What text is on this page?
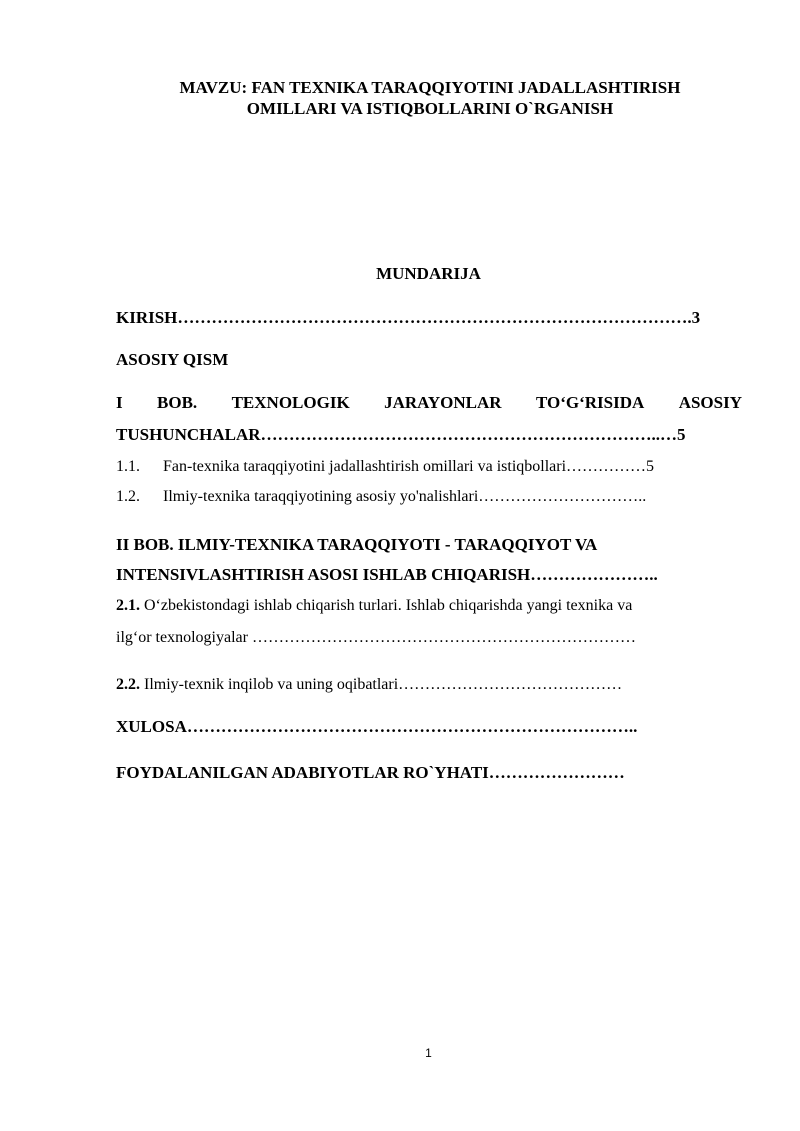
MAVZU: FAN TEXNIKA TARAQQIYOTINI JADALLASHTIRISH
OMILLARI VA ISTIQBOLLARINI O`RGANISH
MUNDARIJA
KIRISH……………………………………………………………………………….3
ASOSIY QISM
I BOB. TEXNOLOGIK JARAYONLAR TO‘G‘RISIDA ASOSIY
TUSHUNCHALAR……………………………………………………………..…5
1.1. Fan-texnika taraqqiyotini jadallashtirish omillari va istiqbollari……………5
1.2. Ilmiy-texnika taraqqiyotining asosiy yo'nalishlari…………………………..
II BOB. ILMIY-TEXNIKA TARAQQIYOTI - TARAQQIYOT VA
INTENSIVLASHTIRISH ASOSI ISHLAB CHIQARISH…………………..
2.1. O‘zbekistondagi ishlab chiqarish turlari. Ishlab chiqarishda yangi texnika va
ilg‘or texnologiyalar ………………………………………………………………
2.2. Ilmiy-texnik inqilob va uning oqibatlari……………………………………
XULOSA……………………………………………………………………..
FOYDALANILGAN ADABIYOTLAR RO`YHATI……………………
1
